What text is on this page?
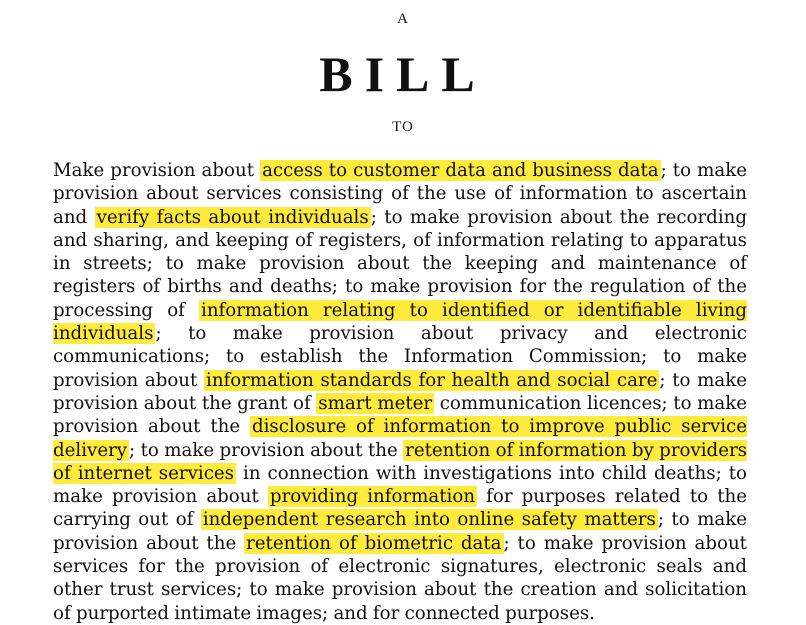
A
BILL
TO
Make provision about access to customer data and business data ; to make provision about services consisting of the use of information to ascertain and verify facts about individuals ; to make provision about the recording and sharing, and keeping of registers, of information relating to apparatus in streets; to make provision about the keeping and maintenance of registers of births and deaths; to make provision for the regulation of the processing of information relating to identified or identifiable living individuals ; to make provision about privacy and electronic communications; to establish the Information Commission; to make provision about information standards for health and social care ; to make provision about the grant of smart meter communication licences; to make provision about the disclosure of information to improve public service delivery ; to make provision about the retention of information by providers of internet services in connection with investigations into child deaths; to make provision about providing information for purposes related to the carrying out of independent research into online safety matters ; to make provision about the retention of biometric data ; to make provision about services for the provision of electronic signatures, electronic seals and other trust services; to make provision about the creation and solicitation of purported intimate images; and for connected purposes.
